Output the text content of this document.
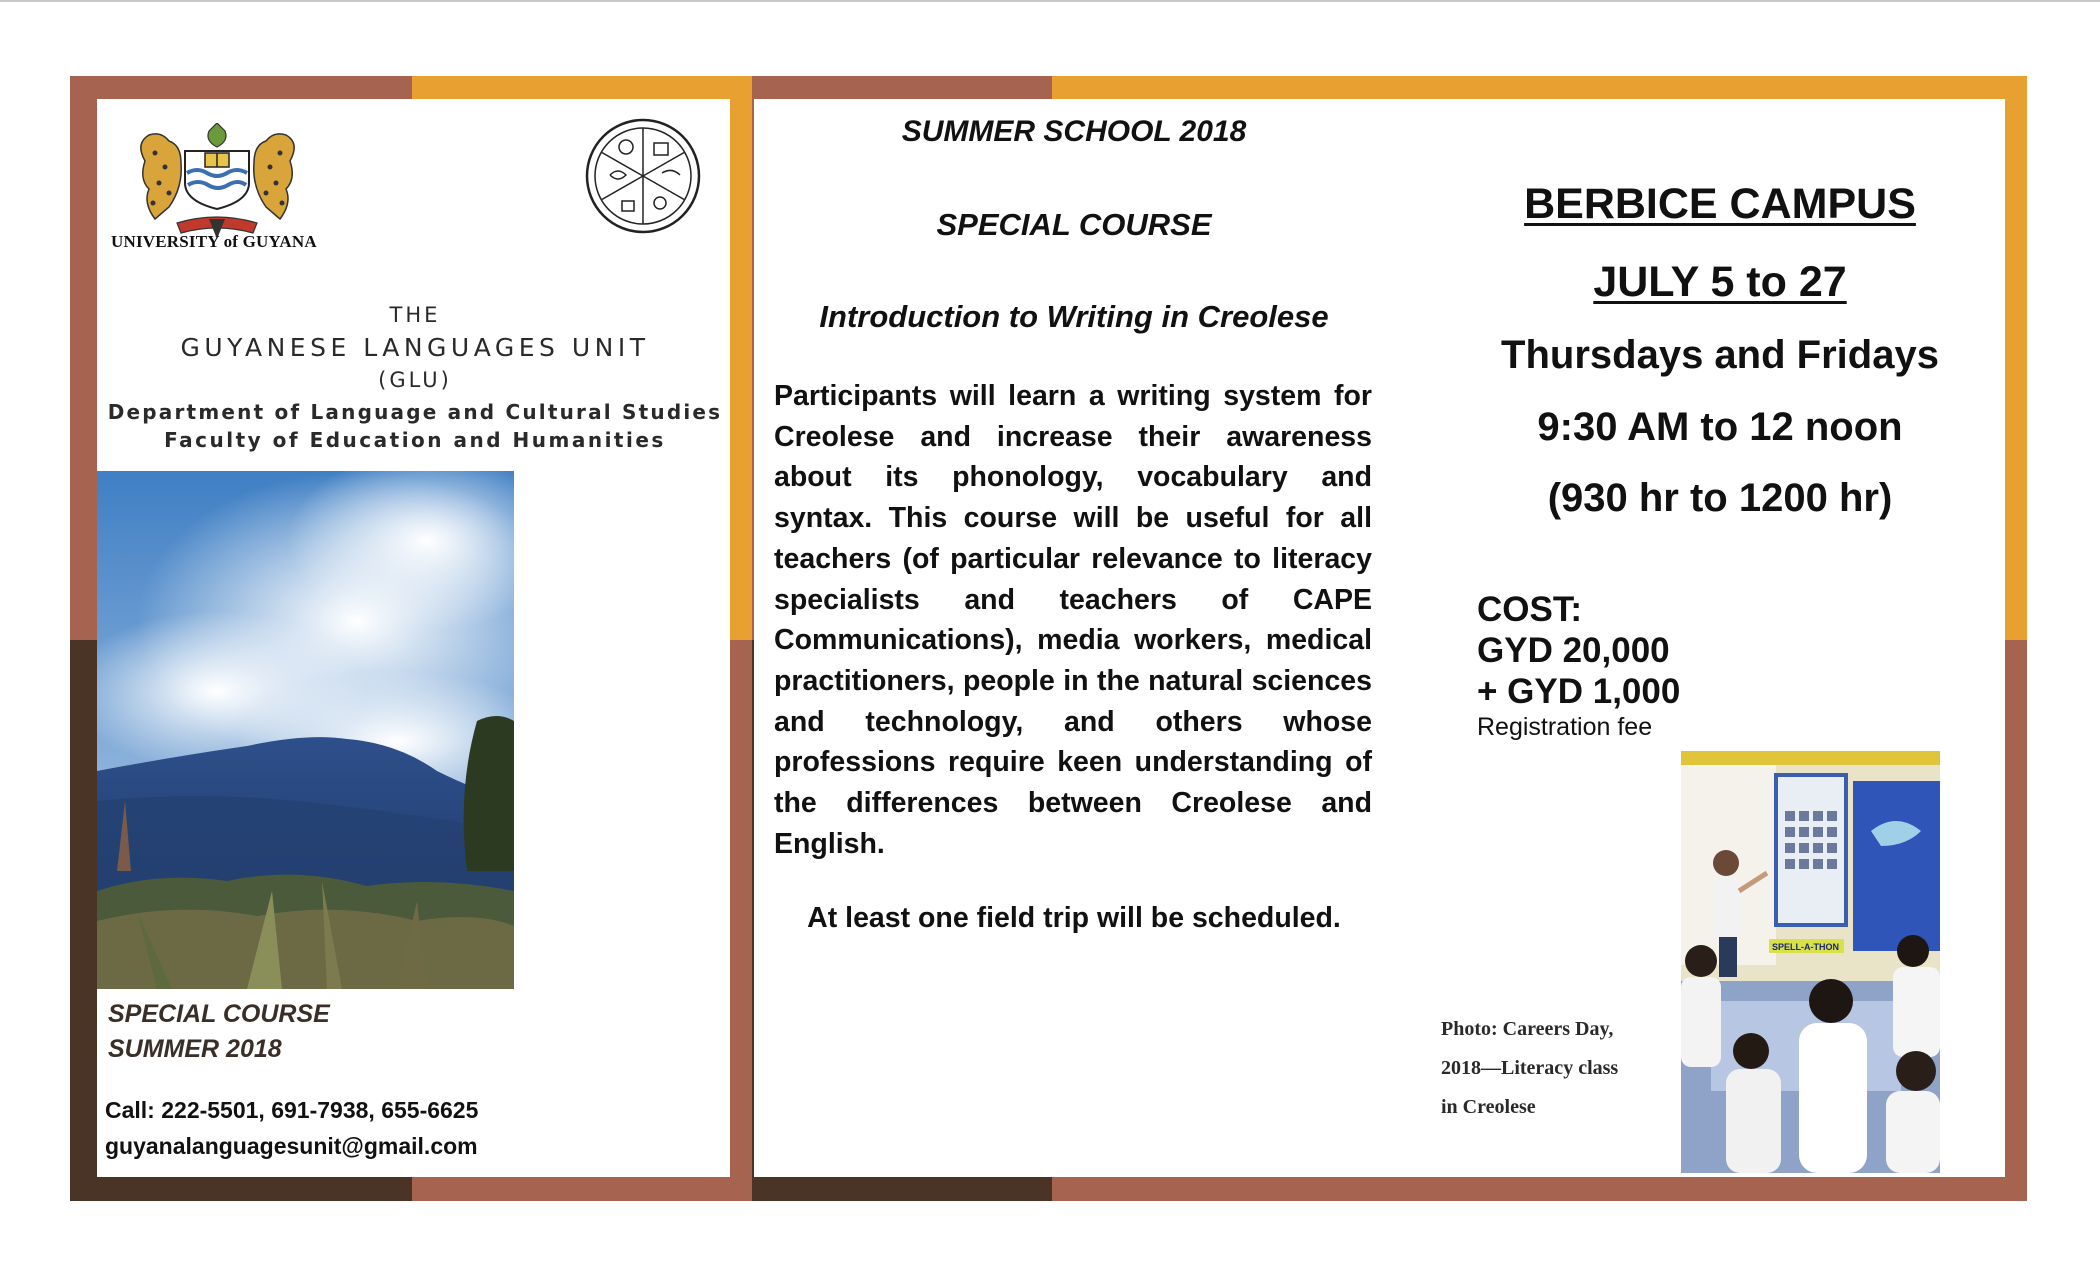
UNIVERSITY of GUYANA
THE
GUYANESE LANGUAGES UNIT
(GLU)
Department of Language and Cultural Studies
Faculty of Education and Humanities
SPECIAL COURSE
SUMMER 2018
Call: 222-5501, 691-7938, 655-6625
guyanalanguagesunit@gmail.com
SUMMER SCHOOL 2018
SPECIAL COURSE
Introduction to Writing in Creolese

Participants will learn a writing system for Creolese and increase their awareness about its phonology, vocabulary and syntax. This course will be useful for all teachers (of particular relevance to literacy specialists and teachers of CAPE Communications), media workers, medical practitioners, people in the natural sciences and technology, and others whose professions require keen understanding of the differences between Creolese and English.

At least one field trip will be scheduled.
BERBICE CAMPUS
JULY 5 to 27
Thursdays and Fridays
9:30 AM to 12 noon
(930 hr to 1200 hr)
COST:
GYD 20,000
+ GYD 1,000
Registration fee
SPELL-A-THON
Photo: Careers Day,
2018—Literacy class
in Creolese
